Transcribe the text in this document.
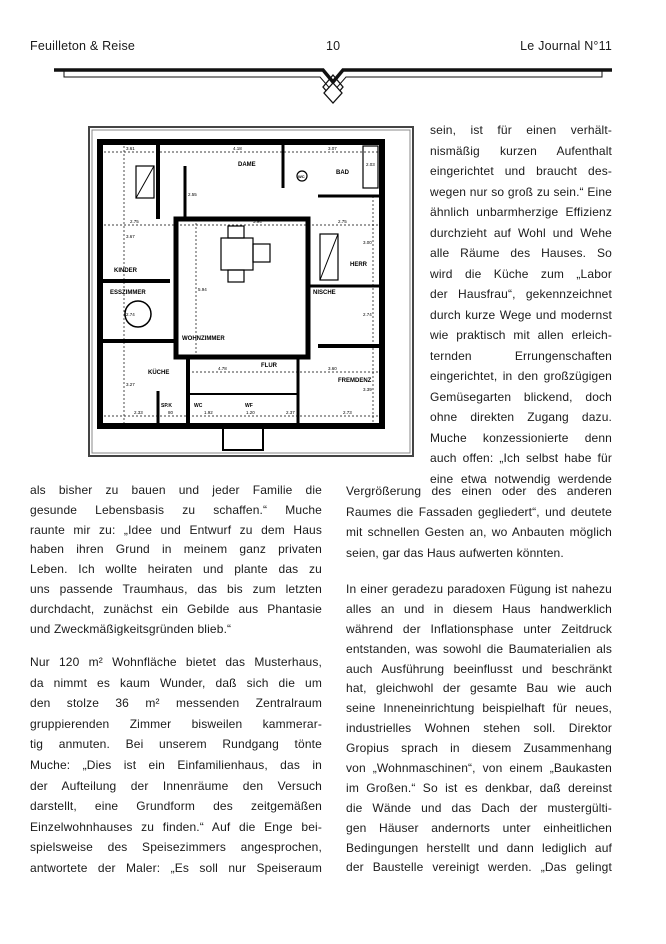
Feuilleton & Reise	10	Le Journal N°11
DAME
BAD
WC
KINDER
ESSZIMMER
WOHNZIMMER
HERR
NISCHE
KÜCHE
FLUR
FREMDENZ
SP.K	WC	WF
3.61	4.18	3.07
2.75	3.94	2.75
3.67
5.94
2.74
4.78	3.60
3.27
3.39
2.33	80	1.92	1.20	2.37	2.73
2.55
2.03
3.00
2.74
sein, ist für einen verhält-
nismäßig kurzen Aufenthalt
eingerichtet und braucht des-
wegen nur so groß zu sein.“ Eine
ähnlich unbarmherzige Effizienz
durchzieht auf Wohl und Wehe
alle Räume des Hauses. So
wird die Küche zum „Labor
der Hausfrau“, gekennzeichnet
durch kurze Wege und modernst
wie praktisch mit allen erleich-
ternden Errungenschaften
eingerichtet, in den großzügigen
Gemüsegarten blickend, doch
ohne direkten Zugang dazu.
Muche konzessionierte denn
auch offen: „Ich selbst habe für
eine etwa notwendig werdende
als bisher zu bauen und jeder Familie die
gesunde Lebensbasis zu schaffen.“ Muche
raunte mir zu: „Idee und Entwurf zu dem Haus
haben ihren Grund in meinem ganz privaten
Leben. Ich wollte heiraten und plante das zu
uns passende Traumhaus, das bis zum letzten
durchdacht, zunächst ein Gebilde aus Phantasie
und Zweckmäßigkeitsgründen blieb.“
Nur 120 m² Wohnfläche bietet das Musterhaus,
da nimmt es kaum Wunder, daß sich die um
den stolze 36 m² messenden Zentralraum
gruppierenden Zimmer bisweilen kammerar-
tig anmuten. Bei unserem Rundgang tönte
Muche: „Dies ist ein Einfamilienhaus, das in
der Aufteilung der Innenräume den Versuch
darstellt, eine Grundform des zeitgemäßen
Einzelwohnhauses zu finden.“ Auf die Enge bei-
spielsweise des Speisezimmers angesprochen,
antwortete der Maler: „Es soll nur Speiseraum
Vergrößerung des einen oder des anderen
Raumes die Fassaden gegliedert“, und deutete
mit schnellen Gesten an, wo Anbauten möglich
seien, gar das Haus aufwerten könnten.
In einer geradezu paradoxen Fügung ist nahezu
alles an und in diesem Haus handwerklich
während der Inflationsphase unter Zeitdruck
entstanden, was sowohl die Baumaterialien als
auch Ausführung beeinflusst und beschränkt
hat, gleichwohl der gesamte Bau wie auch
seine Inneneinrichtung beispielhaft für neues,
industrielles Wohnen stehen soll. Direktor
Gropius sprach in diesem Zusammenhang
von „Wohnmaschinen“, von einem „Baukasten
im Großen.“ So ist es denkbar, daß dereinst
die Wände und das Dach der mustergülti-
gen Häuser andernorts unter einheitlichen
Bedingungen herstellt und dann lediglich auf
der Baustelle vereinigt werden. „Das gelingt
